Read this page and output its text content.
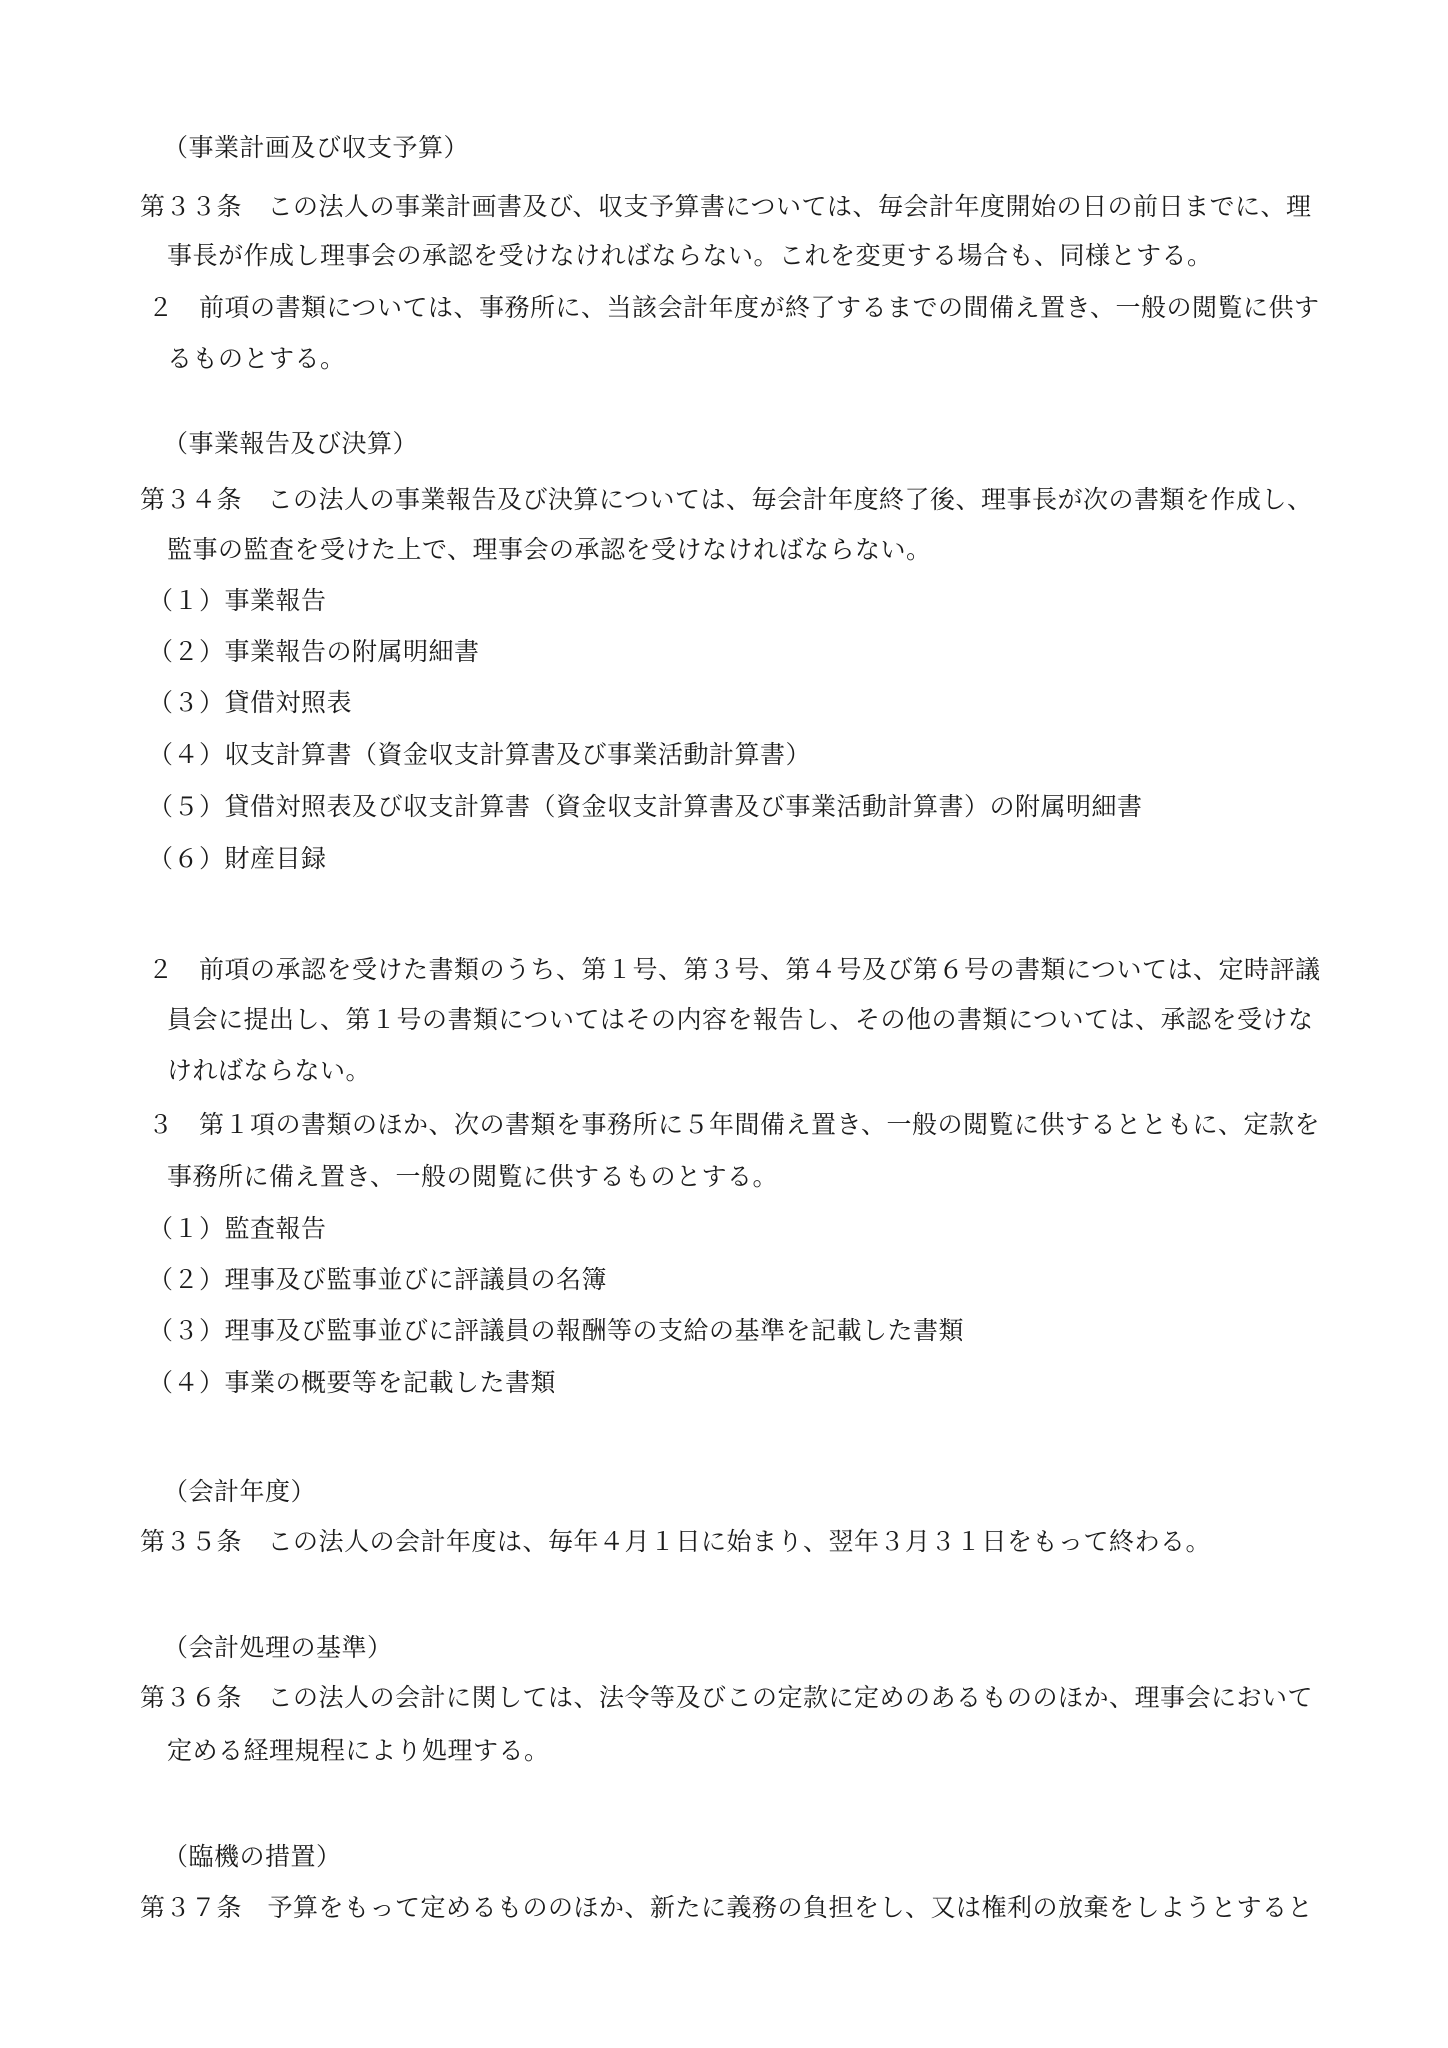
（事業計画及び収支予算）
第３３条　この法人の事業計画書及び、収支予算書については、毎会計年度開始の日の前日までに、理
事長が作成し理事会の承認を受けなければならない。これを変更する場合も、同様とする。
２　前項の書類については、事務所に、当該会計年度が終了するまでの間備え置き、一般の閲覧に供す
るものとする。
（事業報告及び決算）
第３４条　この法人の事業報告及び決算については、毎会計年度終了後、理事長が次の書類を作成し、
監事の監査を受けた上で、理事会の承認を受けなければならない。
（１）事業報告
（２）事業報告の附属明細書
（３）貸借対照表
（４）収支計算書（資金収支計算書及び事業活動計算書）
（５）貸借対照表及び収支計算書（資金収支計算書及び事業活動計算書）の附属明細書
（６）財産目録
２　前項の承認を受けた書類のうち、第１号、第３号、第４号及び第６号の書類については、定時評議
員会に提出し、第１号の書類についてはその内容を報告し、その他の書類については、承認を受けな
ければならない。
３　第１項の書類のほか、次の書類を事務所に５年間備え置き、一般の閲覧に供するとともに、定款を
事務所に備え置き、一般の閲覧に供するものとする。
（１）監査報告
（２）理事及び監事並びに評議員の名簿
（３）理事及び監事並びに評議員の報酬等の支給の基準を記載した書類
（４）事業の概要等を記載した書類
（会計年度）
第３５条　この法人の会計年度は、毎年４月１日に始まり、翌年３月３１日をもって終わる。
（会計処理の基準）
第３６条　この法人の会計に関しては、法令等及びこの定款に定めのあるもののほか、理事会において
定める経理規程により処理する。
（臨機の措置）
第３７条　予算をもって定めるもののほか、新たに義務の負担をし、又は権利の放棄をしようとすると
